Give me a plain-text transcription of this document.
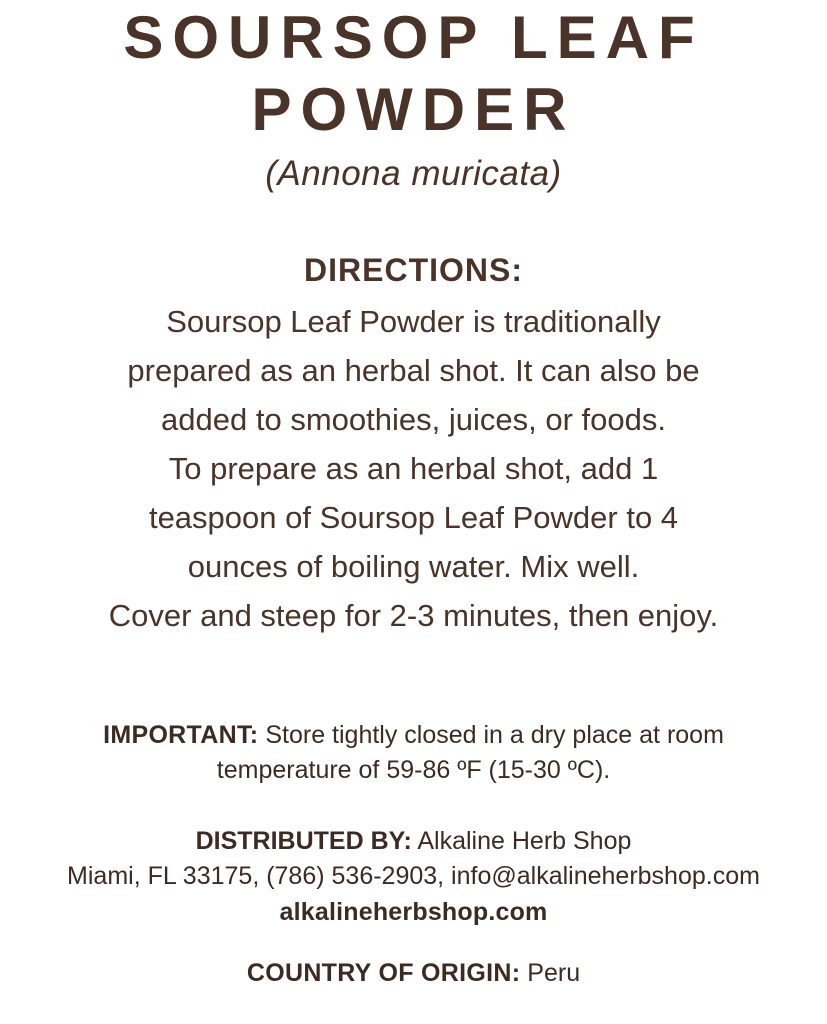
SOURSOP LEAF
POWDER
(Annona muricata)
DIRECTIONS:
Soursop Leaf Powder is traditionally
prepared as an herbal shot. It can also be
added to smoothies, juices, or foods.
To prepare as an herbal shot, add 1
teaspoon of Soursop Leaf Powder to 4
ounces of boiling water. Mix well.
Cover and steep for 2-3 minutes, then enjoy.
IMPORTANT: Store tightly closed in a dry place at room
temperature of 59-86 ºF (15-30 ºC).
DISTRIBUTED BY: Alkaline Herb Shop
Miami, FL 33175, (786) 536-2903, info@alkalineherbshop.com
alkalineherbshop.com
COUNTRY OF ORIGIN: Peru
